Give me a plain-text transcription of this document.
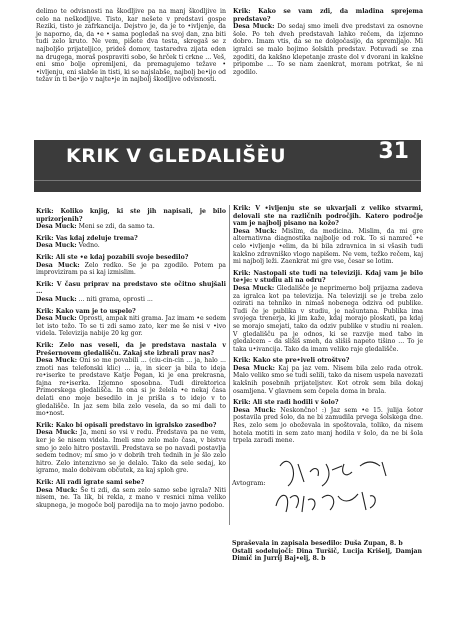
delimo te odvisnosti na škodljive pa na manj škodljive in celo na neškodljive. Tisto, kar nešete v predstavi gospe Reziki, tisto je zafrkancija. Dejstvo je, da je to •ivljenje, da je naporno, da, da •e • sama pogledaš na svoj dan, zna biti tudi zelo kruto. Ne vem, pišete dva testa, skregaš se z najboljšo prijateljico, prideš domov, tastaredva zijata eden na drugega, moraš pospraviti sobo, še hrček ti crkne ... Veš, eni smo bolje opremljeni, da premagujemo težave • •ivljenju, eni slabše in tisti, ki so najslabše, najbolj be•ijo od težav in ti be•ijo v najte•je in najbolj škodljive odvisnosti.

Krik: Kako se vam zdi, da mladina sprejema predstavo?

Desa Muck: Do sedaj smo imeli dve predstavi za osnovne šole. Po teh dveh predstavah lahko rečem, da izjemno dobro. Imam vtis, da se ne dolgočasijo, da spremljajo. Mi igralci se malo bojimo šolskih predstav. Potuvadi se zna zgoditi, da kakšno klepetanje zraste dol v dvorani in kakšne pripombe ... To se nam zaenkrat, moram potrkat, še ni zgodilo.

KRIK V GLEDALIŠÈU	31

Krik: Koliko knjig, ki ste jih napisali, je bilo uprizorjenih?

Desa Muck: Meni se zdi, da samo ta.

Krik: Vas kdaj zdeluje trema?

Desa Muck: Vedno.

Krik: Ali ste •e kdaj pozabili svoje besedilo?

Desa Muck: Zelo redko. Se je pa zgodilo. Potem pa improviziram pa si kaj izmislim.

Krik: V času priprav na predstavo ste očitno shujšali ...

Desa Muck: ... niti grama, oprosti ...

Krik: Kako vam je to uspelo?

Desa Muck: Oprosti, ampak niti grama. Jaz imam •e sedem let isto težo. To se ti zdi samo zato, ker me še nisi v •ivo videla. Televizija nabije 20 kg gor.

Krik: Zelo nas veseli, da je predstava nastala v Prešernovem gledališču. Zakaj ste izbrali prav nas?

Desa Muck: Oni so me povabili ... (ciu-cin-cin ... ja, halo ... zmoti nas telefonski klic) ... ja, in sicer ja bila to ideja re•iserke te predstave Katje Pegan, ki je ena prekrasna, fajna re•iserka. Izjemno sposobna. Tudi direktorica Primorskega gledališča. In ona si je želela •e nekaj časa delati eno moje besedilo in je prišla s to idejo v to gledališče. In jaz sem bila zelo vesela, da so mi dali to mo•nost.

Krik: Kako bi opisali predstavo in igralsko zasedbo?

Desa Muck: Ja, meni so vsi v redu. Predstava pa ne vem, ker je še nisem videla. Imeli smo zelo malo časa, v bistvu smo jo zelo hitro postavili. Predstava se po navadi postavlja sedem tednov; mi smo jo v dobrih treh tednih in je šlo zelo hitro. Zelo intenzivno se je delalo. Tako da sele sedaj, ko igramo, malo dobivam občutek, za kaj sploh gre.

Krik: Ali radi igrate sami sebe?

Desa Muck: Še ti zdi, da sem zelo samo sebe igrala? Niti nisem, ne. Ta lik, bi rekla, z mano v resnici nima veliko skupnega, je mogoče bolj parodija na to mojo javno podobo.

Krik: V •ivljenju ste se ukvarjali z veliko stvarmi, delovali ste na različnih področjih. Katero področje vam je najbolj pisano na kožo?

Desa Muck: Mislim, da medicina. Mislim, da mi gre alternativna diagnostika najbolje od rok. To si namreč •e celo •ivljenje •elim, da bi bila zdravnica in si všasih tudi kakšno zdravniško vlogo napišem. Ne vem, težko rečem, kaj mi najbolj leži. Zaenkrat mi gre vse, česar se lotim.

Krik: Nastopali ste tudi na televiziji. Kdaj vam je bilo te•je: v studiu ali na odru?

Desa Muck: Gledališče je neprimerno bolj prijazna zadeva za igralca kot pa televizija. Na televiziji se je treba zelo ozirati na tehniko in nimaš nobenega odziva od publike. Tudi če je publika v studiu, je našuntana. Publika ima svojega trenerja, ki jim kaže, kdaj morajo ploskati, pa kdaj se morajo smejati, tako da odziv publike v studiu ni realen. V gledališču pa je odnos, ki se razvije med tabo in gledalcem – da slišiš smeh, da slišiš napeto tišino ... To je taka u•ivancija. Tako da imam veliko raje gledališče.

Krik: Kako ste pre•iveli otroštvo?

Desa Muck: Kaj pa jaz vem. Nisem bila zelo rada otrok. Malo veliko smo se tudi selili, tako da nisem uspela navezati kakšnih posebnih prijateljstev. Kot otrok sem bila dokaj osamljena. V glavnem sem čepela doma in brala.

Krik: Ali ste radi hodili v šolo?

Desa Muck: Neskončno! :) Jaz sem •e 15. julija šotor postavila pred šolo, da ne bi zamudila prvega šolskega dne. Res, zelo sem jo oboževala in spoštovala, toliko, da nisem hotela motiti in sem zato manj hodila v šolo, da ne bi šola trpela zaradi mene.

Avtogram:

Spraševala in zapisala besedilo: Duša Zupan, 8. b

Ostali sodelujoči: Dina Turšič, Lucija Krišelj, Damjan Dimič in Jurrij Baj•elj, 8. b
